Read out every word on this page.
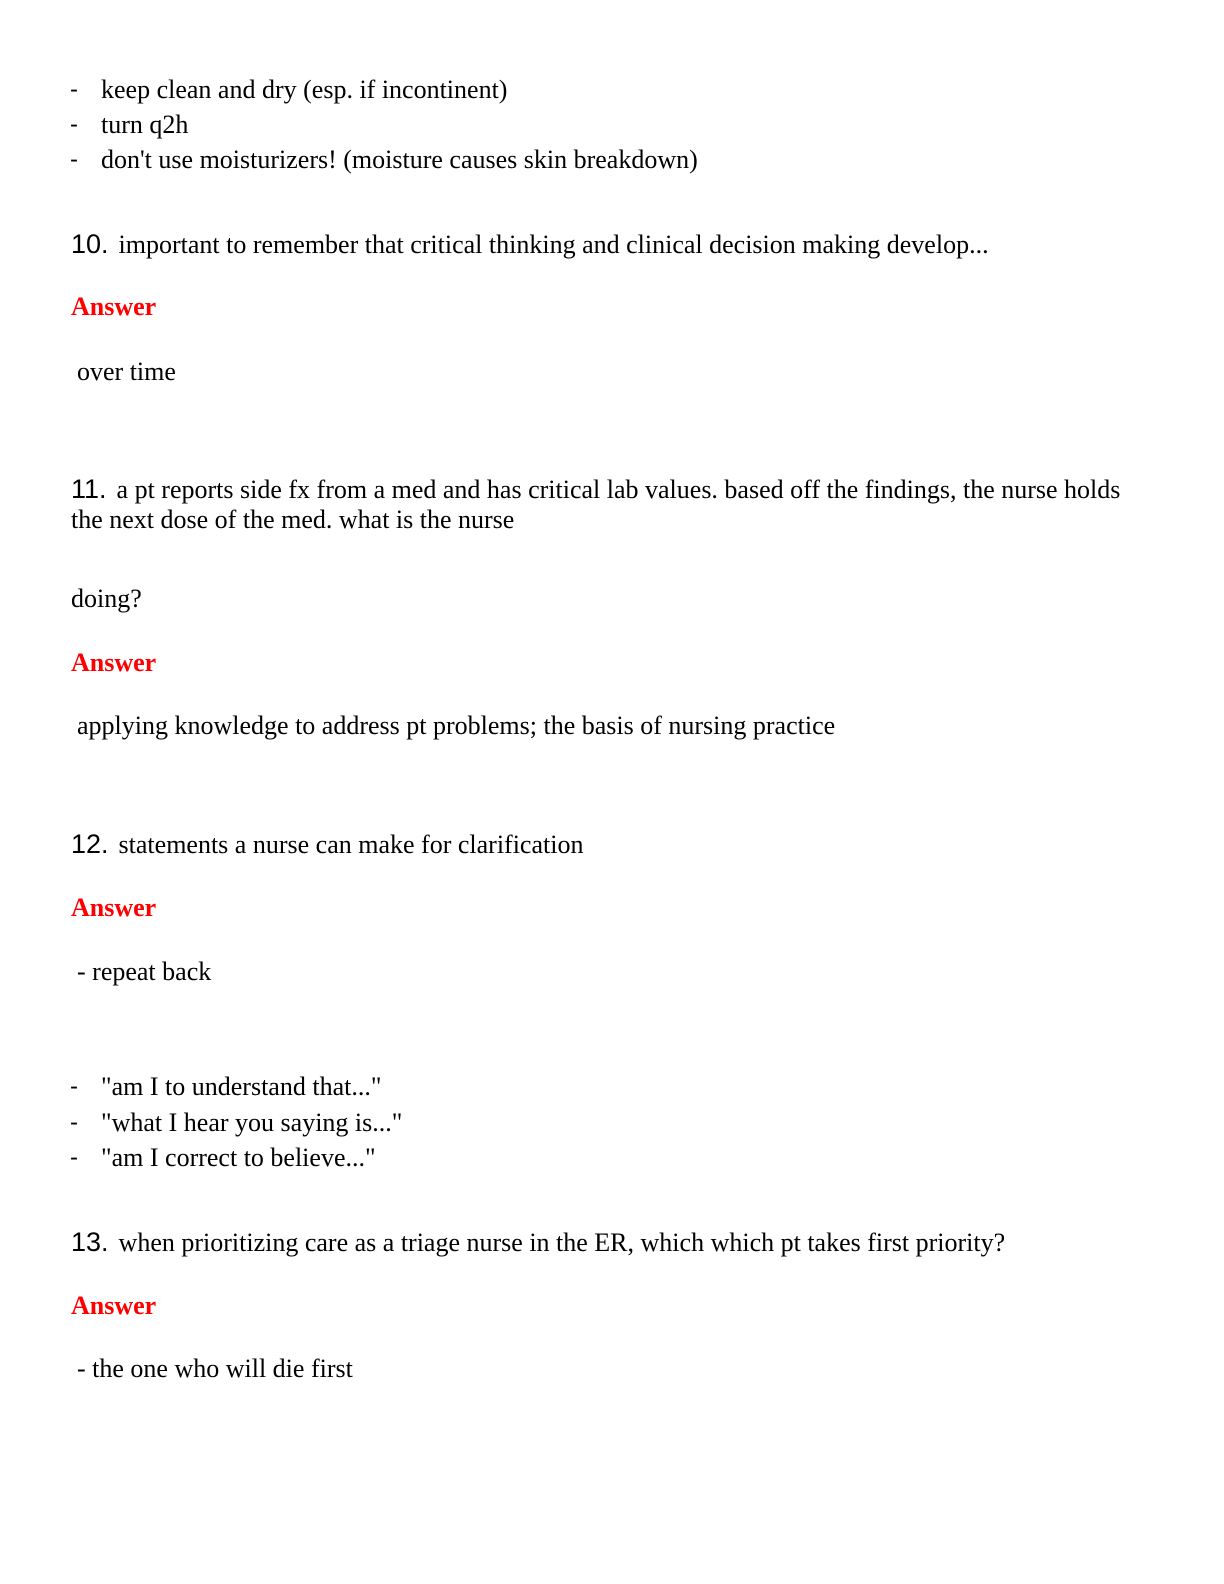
- keep clean and dry (esp. if incontinent)
- turn q2h
- don't use moisturizers! (moisture causes skin breakdown)
10. important to remember that critical thinking and clinical decision making develop...
Answer
over time
11. a pt reports side fx from a med and has critical lab values. based off the findings, the nurse holds the next dose of the med. what is the nurse
doing?
Answer
applying knowledge to address pt problems; the basis of nursing practice
12. statements a nurse can make for clarification
Answer
- repeat back
- "am I to understand that..."
- "what I hear you saying is..."
- "am I correct to believe..."
13. when prioritizing care as a triage nurse in the ER, which which pt takes first priority?
Answer
- the one who will die first
